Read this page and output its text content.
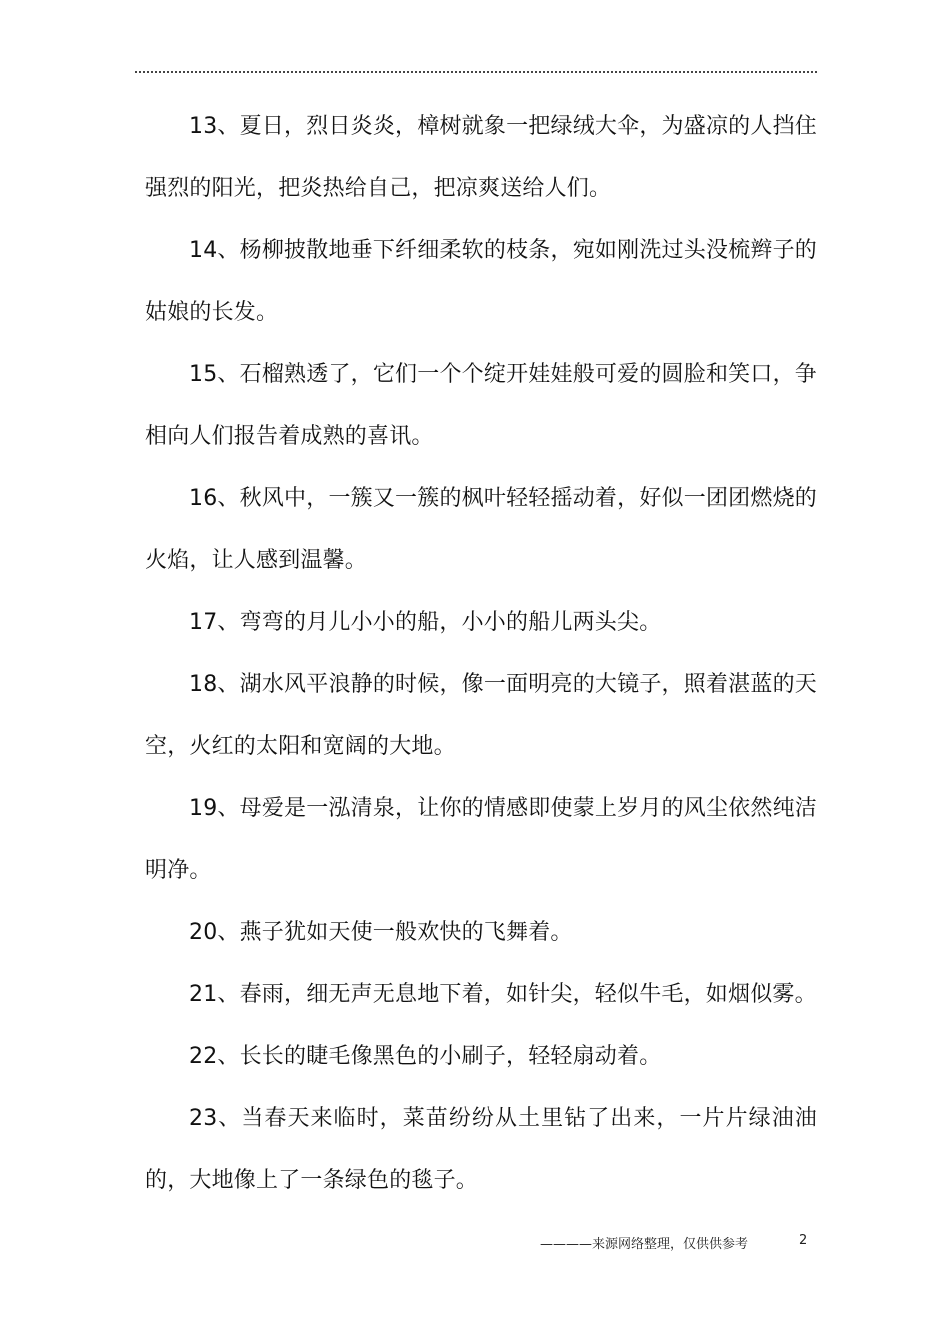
13、夏日，烈日炎炎，樟树就象一把绿绒大伞，为盛凉的人挡住强烈的阳光，把炎热给自己，把凉爽送给人们。

14、杨柳披散地垂下纤细柔软的枝条，宛如刚洗过头没梳辫子的姑娘的长发。

15、石榴熟透了，它们一个个绽开娃娃般可爱的圆脸和笑口，争相向人们报告着成熟的喜讯。

16、秋风中，一簇又一簇的枫叶轻轻摇动着，好似一团团燃烧的火焰，让人感到温馨。

17、弯弯的月儿小小的船，小小的船儿两头尖。

18、湖水风平浪静的时候，像一面明亮的大镜子，照着湛蓝的天空，火红的太阳和宽阔的大地。

19、母爱是一泓清泉，让你的情感即使蒙上岁月的风尘依然纯洁明净。

20、燕子犹如天使一般欢快的飞舞着。

21、春雨，细无声无息地下着，如针尖，轻似牛毛，如烟似雾。

22、长长的睫毛像黑色的小刷子，轻轻扇动着。

23、当春天来临时，菜苗纷纷从土里钻了出来，一片片绿油油的，大地像上了一条绿色的毯子。

————来源网络整理，仅供供参考	2
